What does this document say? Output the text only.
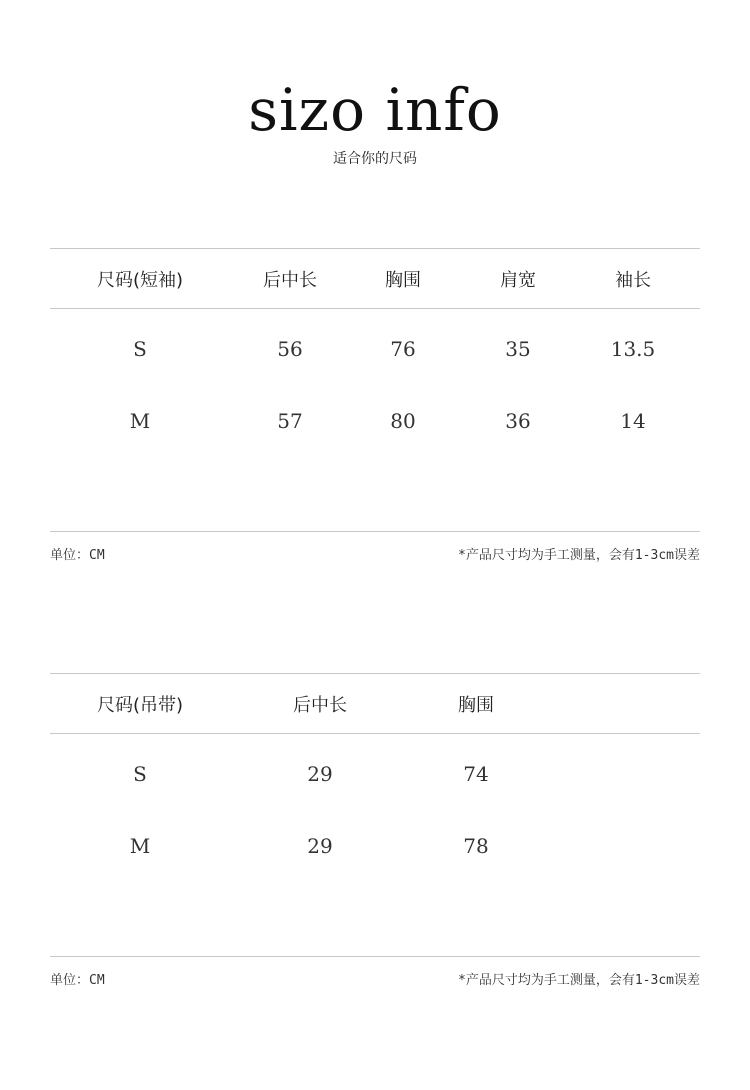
sizo info
适合你的尺码
尺码(短袖)	后中长	胸围	肩宽	袖长
S	56	76	35	13.5
M	57	80	36	14
单位：CM	*产品尺寸均为手工测量，会有1-3cm误差
尺码(吊带)	后中长	胸围
S	29	74
M	29	78
单位：CM	*产品尺寸均为手工测量，会有1-3cm误差
